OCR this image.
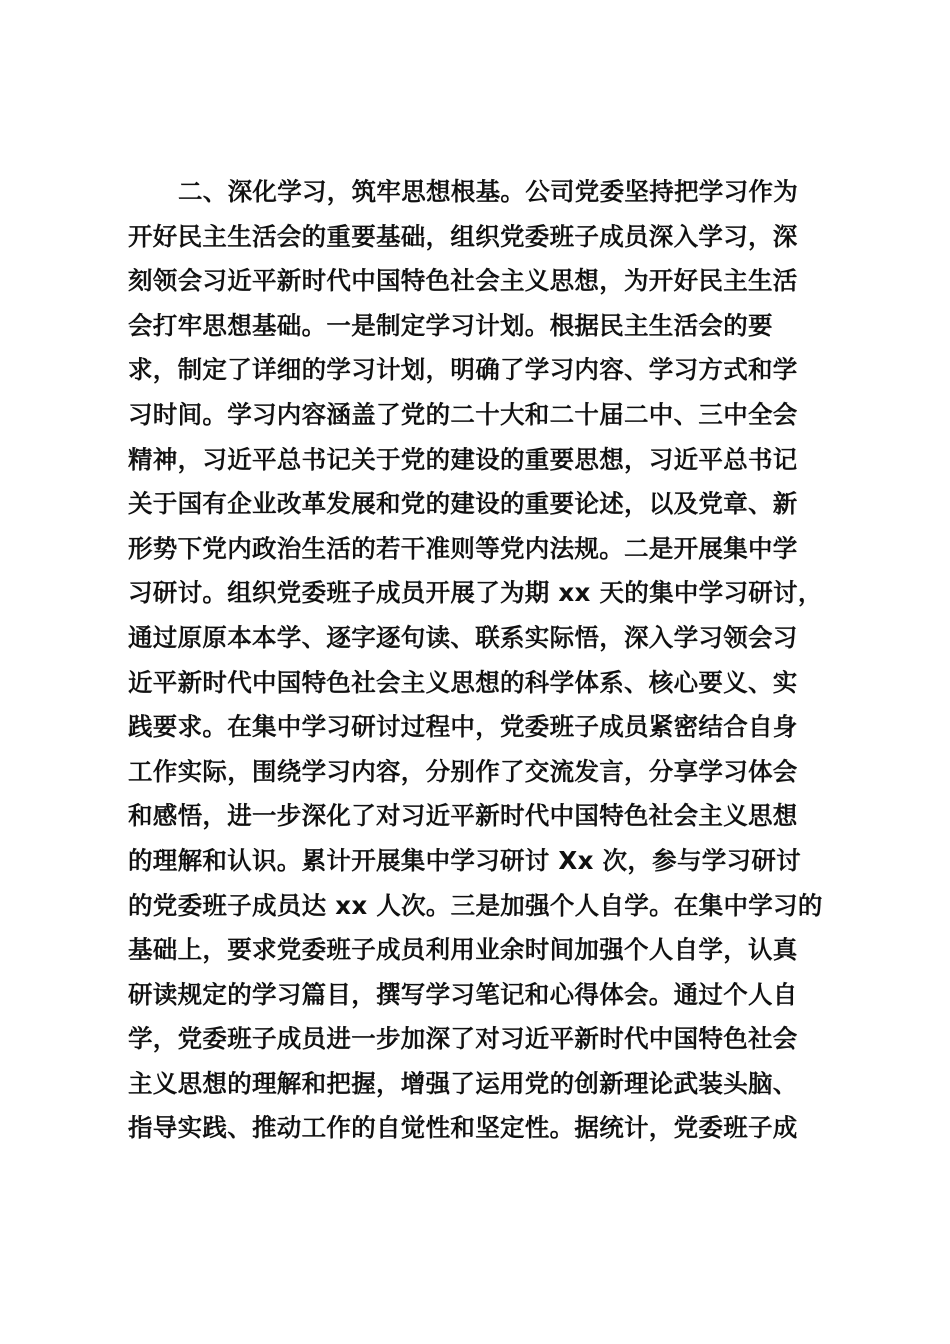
二、深化学习，筑牢思想根基。公司党委坚持把学习作为
开好民主生活会的重要基础，组织党委班子成员深入学习，深
刻领会习近平新时代中国特色社会主义思想，为开好民主生活
会打牢思想基础。一是制定学习计划。根据民主生活会的要
求，制定了详细的学习计划，明确了学习内容、学习方式和学
习时间。学习内容涵盖了党的二十大和二十届二中、三中全会
精神，习近平总书记关于党的建设的重要思想，习近平总书记
关于国有企业改革发展和党的建设的重要论述，以及党章、新
形势下党内政治生活的若干准则等党内法规。二是开展集中学
习研讨。组织党委班子成员开展了为期 xx 天的集中学习研讨，
通过原原本本学、逐字逐句读、联系实际悟，深入学习领会习
近平新时代中国特色社会主义思想的科学体系、核心要义、实
践要求。在集中学习研讨过程中，党委班子成员紧密结合自身
工作实际，围绕学习内容，分别作了交流发言，分享学习体会
和感悟，进一步深化了对习近平新时代中国特色社会主义思想
的理解和认识。累计开展集中学习研讨 Xx 次，参与学习研讨
的党委班子成员达 xx 人次。三是加强个人自学。在集中学习的
基础上，要求党委班子成员利用业余时间加强个人自学，认真
研读规定的学习篇目，撰写学习笔记和心得体会。通过个人自
学，党委班子成员进一步加深了对习近平新时代中国特色社会
主义思想的理解和把握，增强了运用党的创新理论武装头脑、
指导实践、推动工作的自觉性和坚定性。据统计，党委班子成
